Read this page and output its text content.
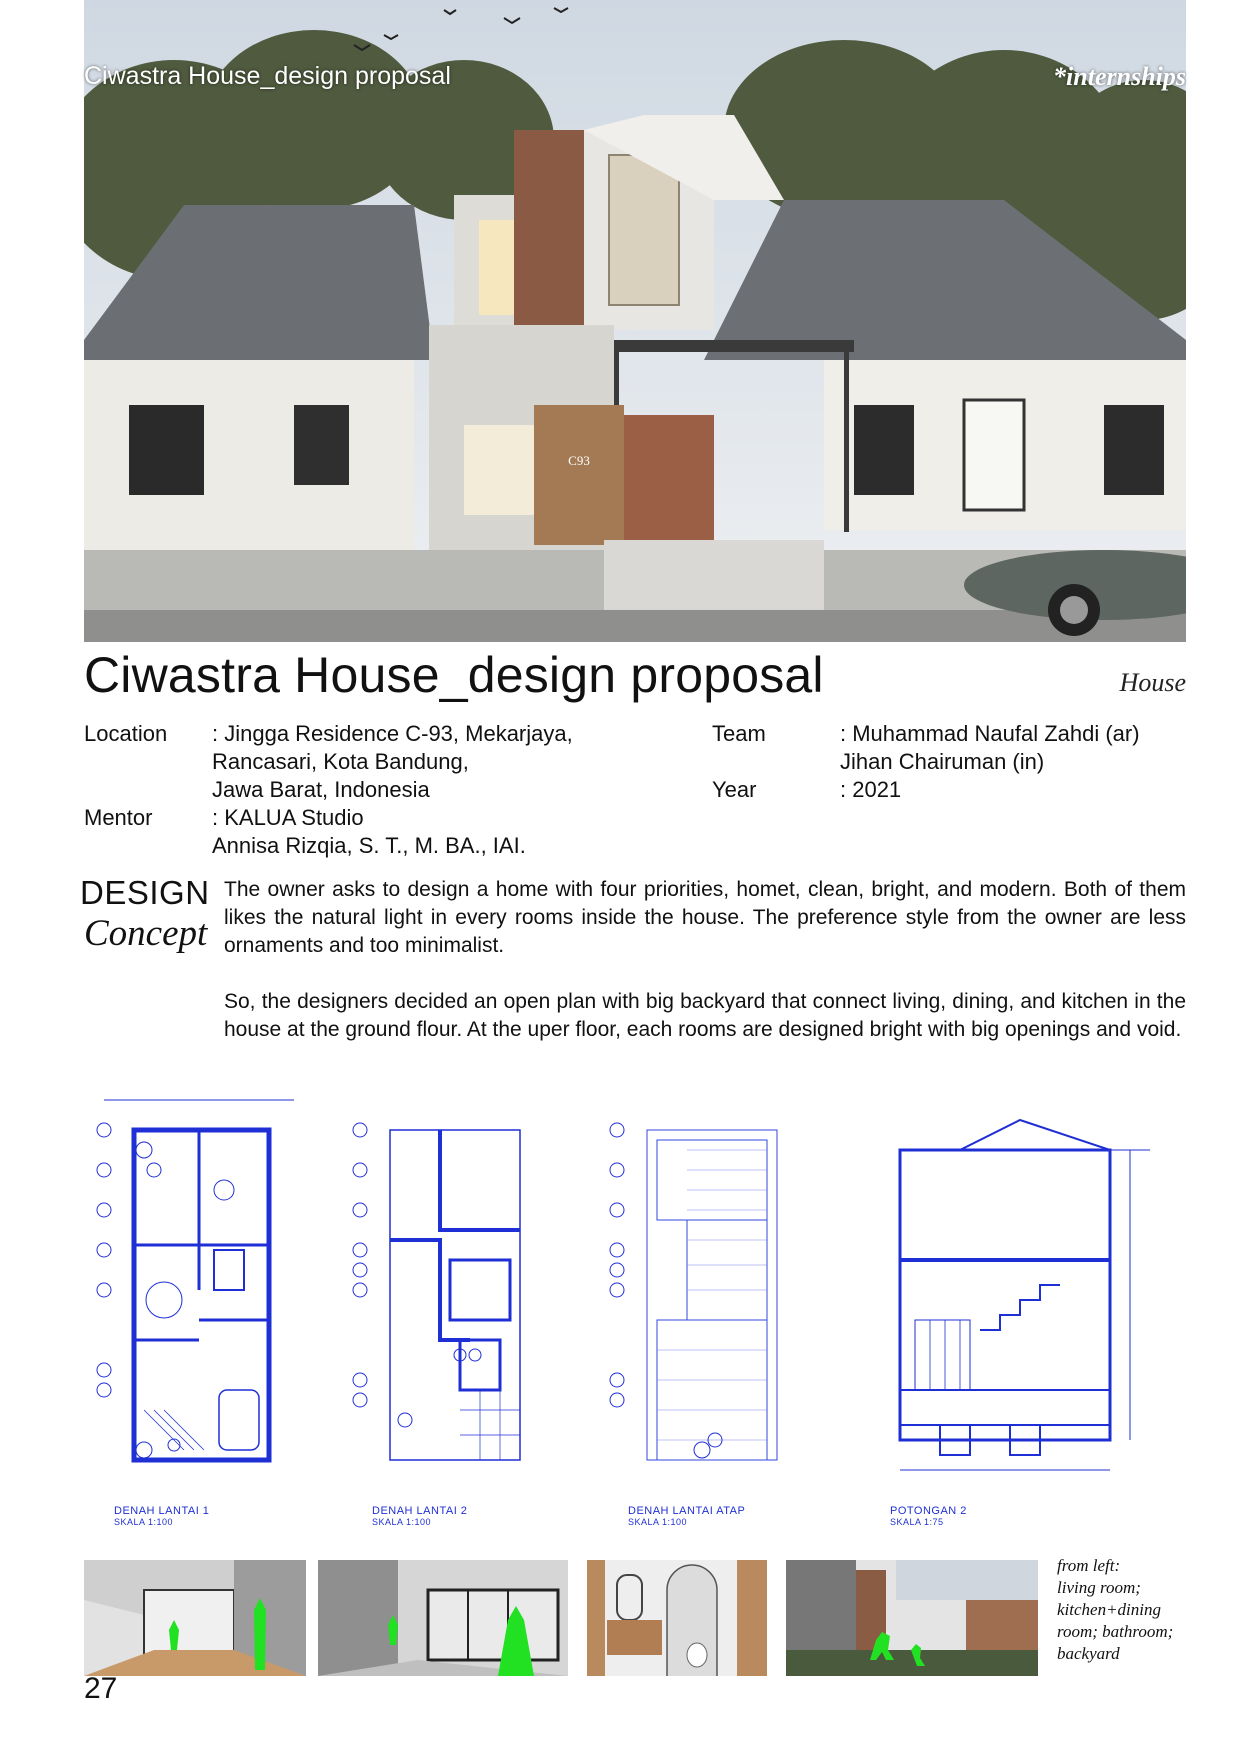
C93
Ciwastra House_design proposal	*internships
Ciwastra House_design proposal	House
Location : Jingga Residence C-93, Mekarjaya,
Rancasari, Kota Bandung,
Jawa Barat, Indonesia
Mentor	: KALUA Studio
Annisa Rizqia, S. T., M. BA., IAI.
Team	: Muhammad Naufal Zahdi (ar)
Jihan Chairuman (in)
Year	: 2021
DESIGN
Concept
The owner asks to design a home with four priorities, homet, clean, bright, and modern. Both of them likes the natural light in every rooms inside the house. The preference style from the owner are less ornaments and too minimalist.
So, the designers decided an open plan with big backyard that connect living, dining, and kitchen in the house at the ground flour. At the uper floor, each rooms are designed bright with big openings and void.
DENAH LANTAI 1
SKALA 1:100
DENAH LANTAI 2
SKALA 1:100
DENAH LANTAI ATAP
SKALA 1:100
POTONGAN 2
SKALA 1:75
from left:
living room;
kitchen+dining
room; bathroom;
backyard
27
